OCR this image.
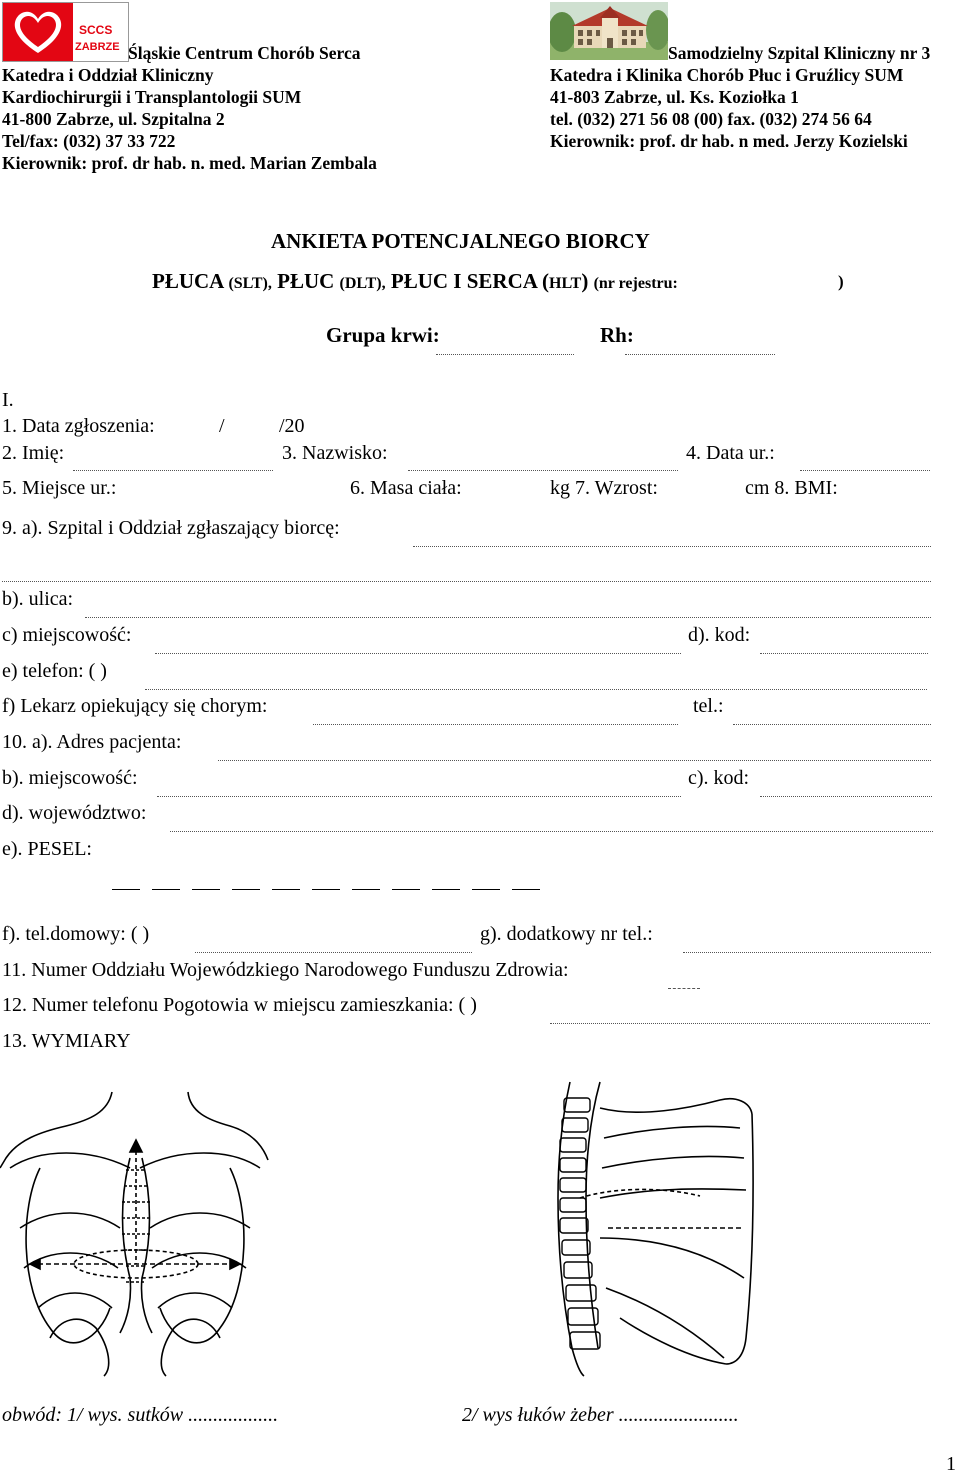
SCCS
ZABRZE Śląskie Centrum Chorób Serca
Katedra i Oddział Kliniczny
Kardiochirurgii i Transplantologii SUM
41-800 Zabrze, ul. Szpitalna 2
Tel/fax: (032) 37 33 722
Kierownik: prof. dr hab. n. med. Marian Zembala
Samodzielny Szpital Kliniczny nr 3
Katedra i Klinika Chorób Płuc i Gruźlicy SUM
41-803 Zabrze, ul. Ks. Koziołka 1
tel. (032) 271 56 08 (00) fax. (032) 274 56 64
Kierownik: prof. dr hab. n med. Jerzy Kozielski
ANKIETA POTENCJALNEGO BIORCY
PŁUCA (SLT), PŁUC (DLT), PŁUC I SERCA (HLT) (nr rejestru:	)
Grupa krwi:	Rh:
I.
1. Data zgłoszenia:	/	/20
2. Imię:	3. Nazwisko:	4. Data ur.:
5. Miejsce ur.:	6. Masa ciała:	kg 7. Wzrost:	cm 8. BMI:
9. a). Szpital i Oddział zgłaszający biorcę:
b). ulica:
c) miejscowość:	d). kod:
e) telefon: ( )
f) Lekarz opiekujący się chorym:	tel.:
10. a). Adres pacjenta:
b). miejscowość:	c). kod:
d). województwo:
e). PESEL:
f). tel.domowy: ( )	g). dodatkowy nr tel.:
11. Numer Oddziału Wojewódzkiego Narodowego Funduszu Zdrowia:
12. Numer telefonu Pogotowia w miejscu zamieszkania: ( )
13. WYMIARY
obwód: 1/ wys. sutków ..................	2/ wys łuków żeber ........................
1
